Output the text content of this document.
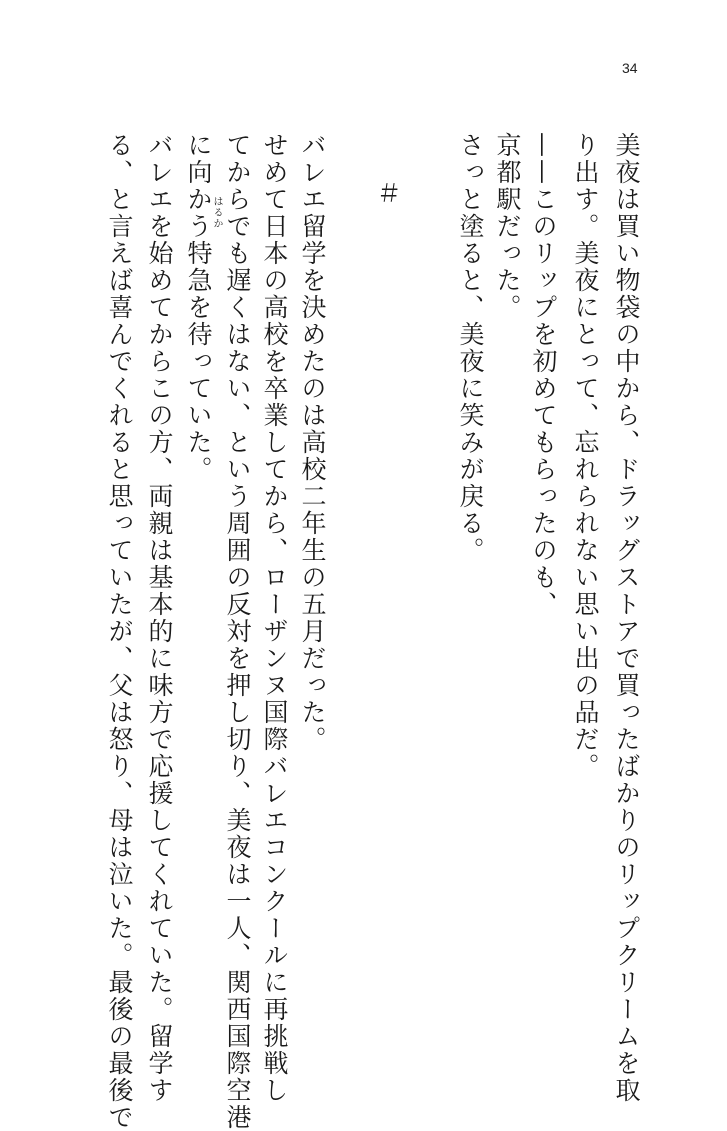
34
美夜は買い物袋の中から、ドラッグストアで買ったばかりのリップクリームを取
り出す。美夜にとって、忘れられない思い出の品だ。
——このリップを初めてもらったのも、
京都駅だった。
さっと塗ると、美夜に笑みが戻る。
＃
バレエ留学を決めたのは高校二年生の五月だった。
せめて日本の高校を卒業してから、ローザンヌ国際バレエコンクールに再挑戦し
てからでも遅くはない、という周囲の反対を押し切り、美夜は一人、関西国際空港
に向かう特急を待っていた。
バレエを始めてからこの方、両親は基本的に味方で応援してくれていた。留学す
る、と言えば喜んでくれると思っていたが、父は怒り、母は泣いた。最後の最後で	はるか
